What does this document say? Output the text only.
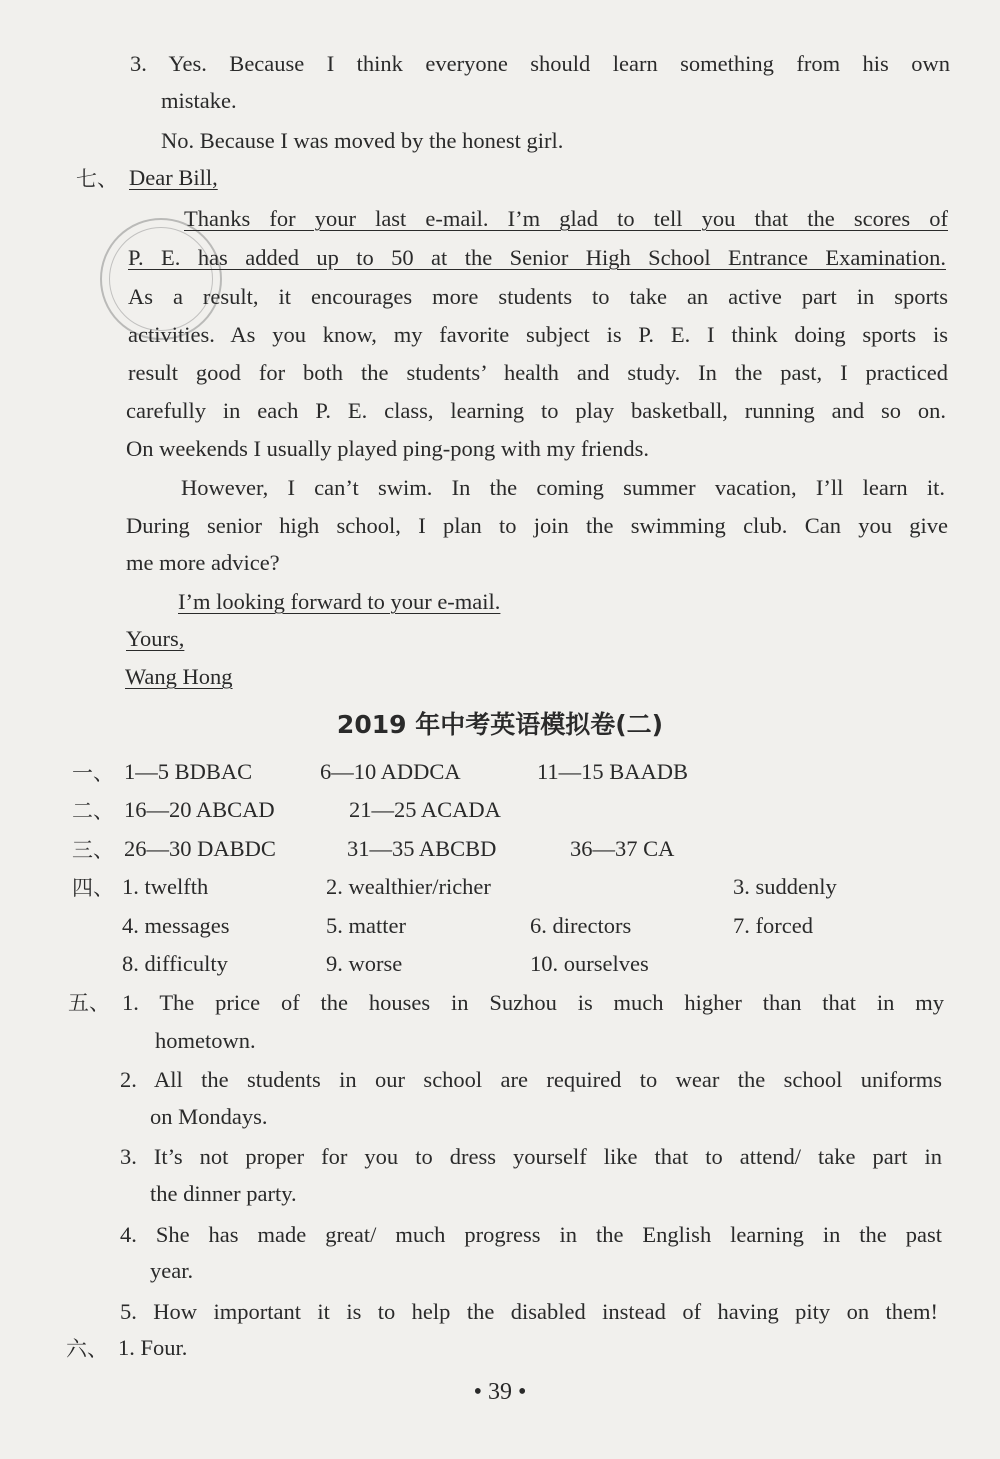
3. Yes. Because I think everyone should learn something from his own
mistake.
No. Because I was moved by the honest girl.
七、 Dear Bill,
Thanks for your last e-mail. I’m glad to tell you that the scores of
P. E. has added up to 50 at the Senior High School Entrance Examination.
As a result, it encourages more students to take an active part in sports
activities. As you know, my favorite subject is P. E. I think doing sports is
result good for both the students’ health and study. In the past, I practiced
carefully in each P. E. class, learning to play basketball, running and so on.
On weekends I usually played ping-pong with my friends.
However, I can’t swim. In the coming summer vacation, I’ll learn it.
During senior high school, I plan to join the swimming club. Can you give
me more advice?
I’m looking forward to your e-mail.
Yours,
Wang Hong
2019 年中考英语模拟卷(二)
一、 1—5 BDBAC	6—10 ADDCA	11—15 BAADB
二、 16—20 ABCAD	21—25 ACADA
三、 26—30 DABDC	31—35 ABCBD	36—37 CA
四、 1. twelfth	2. wealthier/richer	3. suddenly
4. messages	5. matter	6. directors	7. forced
8. difficulty	9. worse	10. ourselves
五、 1. The price of the houses in Suzhou is much higher than that in my
hometown.
2. All the students in our school are required to wear the school uniforms
on Mondays.
3. It’s not proper for you to dress yourself like that to attend/ take part in
the dinner party.
4. She has made great/ much progress in the English learning in the past
year.
5. How important it is to help the disabled instead of having pity on them!
六、 1. Four.
• 39 •
